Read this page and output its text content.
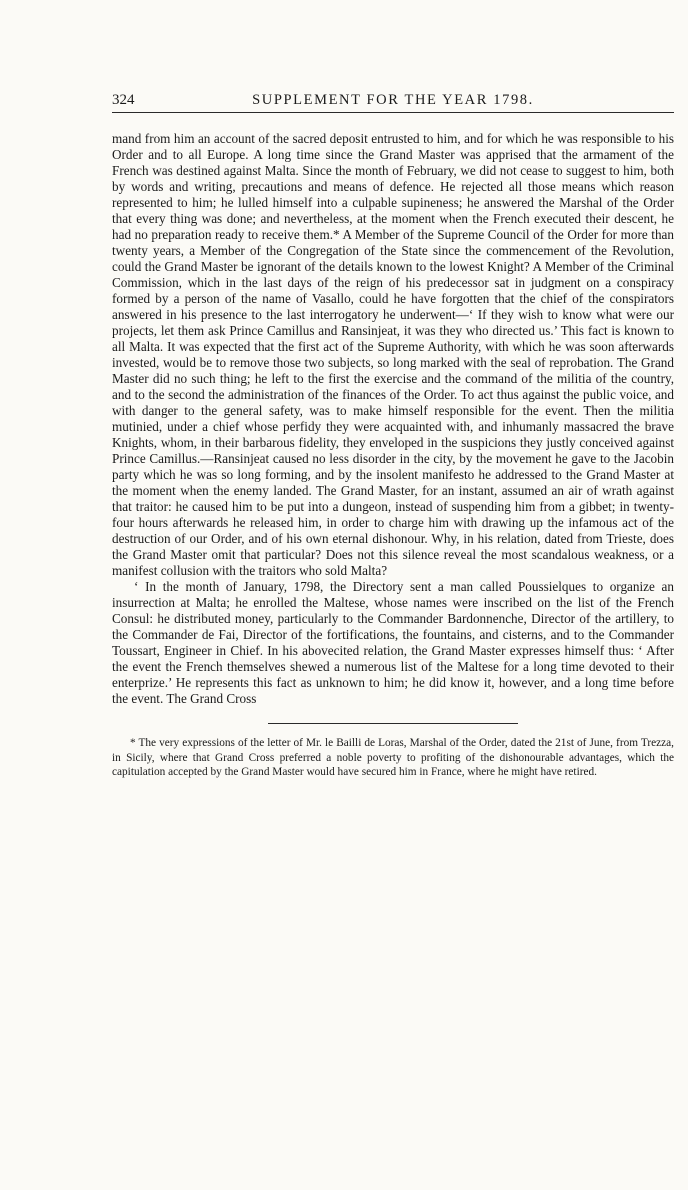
324	SUPPLEMENT FOR THE YEAR 1798.

mand from him an account of the sacred deposit entrusted to him, and for which he was responsible to his Order and to all Europe. A long time since the Grand Master was apprised that the armament of the French was destined against Malta. Since the month of February, we did not cease to suggest to him, both by words and writing, precautions and means of defence. He rejected all those means which reason represented to him; he lulled himself into a culpable supineness; he answered the Marshal of the Order that every thing was done; and nevertheless, at the moment when the French executed their descent, he had no preparation ready to receive them.* A Member of the Supreme Council of the Order for more than twenty years, a Member of the Congregation of the State since the commencement of the Revolution, could the Grand Master be ignorant of the details known to the lowest Knight? A Member of the Criminal Commission, which in the last days of the reign of his predecessor sat in judgment on a conspiracy formed by a person of the name of Vasallo, could he have forgotten that the chief of the conspirators answered in his presence to the last interrogatory he underwent—‘ If they wish to know what were our projects, let them ask Prince Camillus and Ransinjeat, it was they who directed us.’ This fact is known to all Malta. It was expected that the first act of the Supreme Authority, with which he was soon afterwards invested, would be to remove those two subjects, so long marked with the seal of reprobation. The Grand Master did no such thing; he left to the first the exercise and the command of the militia of the country, and to the second the administration of the finances of the Order. To act thus against the public voice, and with danger to the general safety, was to make himself responsible for the event. Then the militia mutinied, under a chief whose perfidy they were acquainted with, and inhumanly massacred the brave Knights, whom, in their barbarous fidelity, they enveloped in the suspicions they justly conceived against Prince Camillus.—Ransinjeat caused no less disorder in the city, by the movement he gave to the Jacobin party which he was so long forming, and by the insolent manifesto he addressed to the Grand Master at the moment when the enemy landed. The Grand Master, for an instant, assumed an air of wrath against that traitor: he caused him to be put into a dungeon, instead of suspending him from a gibbet; in twenty-four hours afterwards he released him, in order to charge him with drawing up the infamous act of the destruction of our Order, and of his own eternal dishonour. Why, in his relation, dated from Trieste, does the Grand Master omit that particular? Does not this silence reveal the most scandalous weakness, or a manifest collusion with the traitors who sold Malta?

‘ In the month of January, 1798, the Directory sent a man called Poussielques to organize an insurrection at Malta; he enrolled the Maltese, whose names were inscribed on the list of the French Consul: he distributed money, particularly to the Commander Bardonnenche, Director of the artillery, to the Commander de Fai, Director of the fortifications, the fountains, and cisterns, and to the Commander Toussart, Engineer in Chief. In his abovecited relation, the Grand Master expresses himself thus: ‘ After the event the French themselves shewed a numerous list of the Maltese for a long time devoted to their enterprize.’ He represents this fact as unknown to him; he did know it, however, and a long time before the event. The Grand Cross

* The very expressions of the letter of Mr. le Bailli de Loras, Marshal of the Order, dated the 21st of June, from Trezza, in Sicily, where that Grand Cross preferred a noble poverty to profiting of the dishonourable advantages, which the capitulation accepted by the Grand Master would have secured him in France, where he might have retired.
